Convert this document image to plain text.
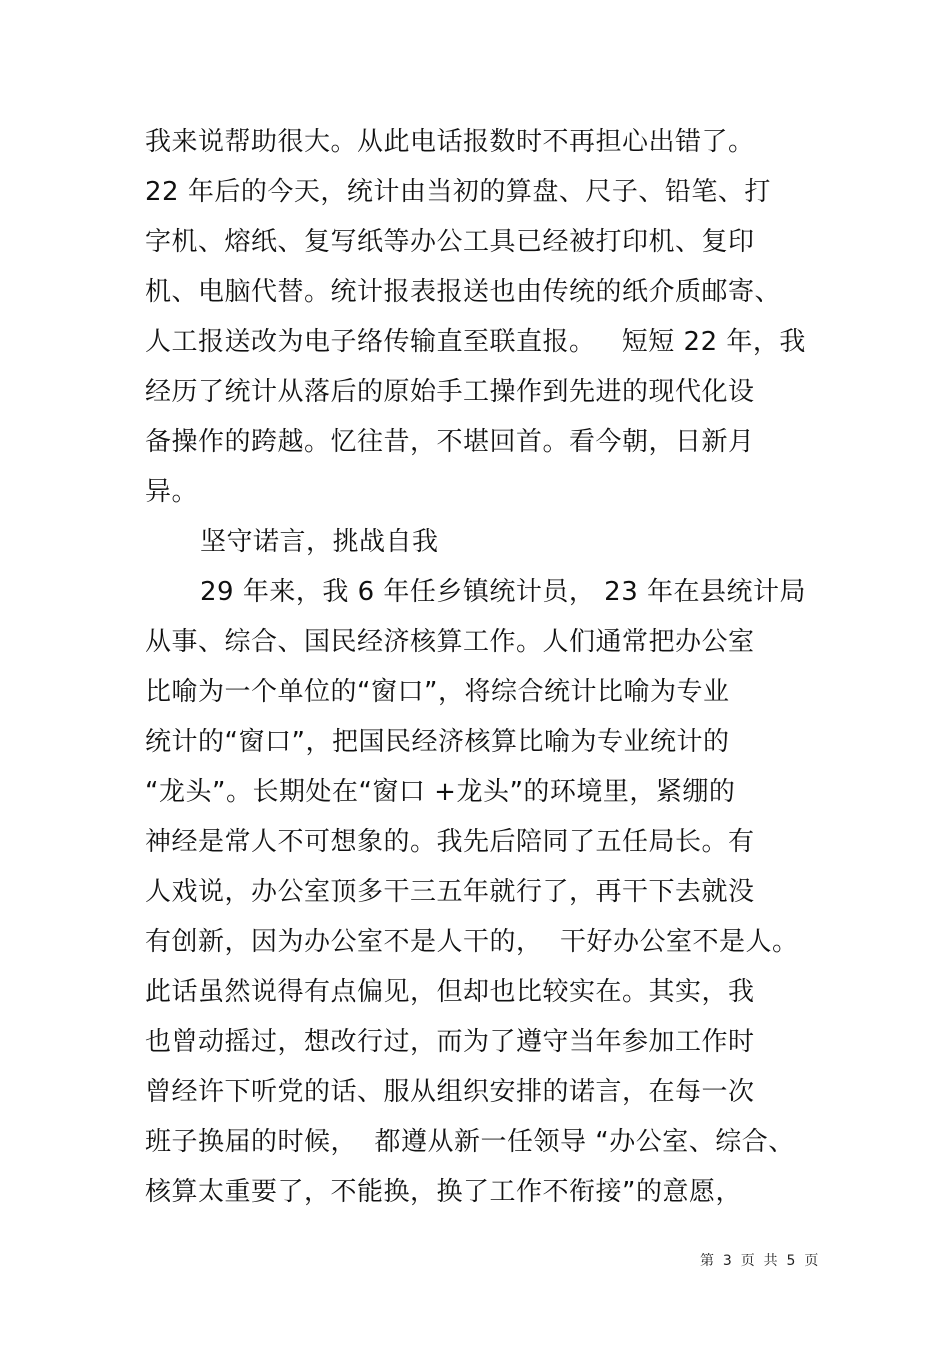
我来说帮助很大。从此电话报数时不再担心出错了。
22 年后的今天，统计由当初的算盘、尺子、铅笔、打
字机、熔纸、复写纸等办公工具已经被打印机、复印
机、电脑代替。统计报表报送也由传统的纸介质邮寄、
人工报送改为电子络传输直至联直报。   短短 22 年，我
经历了统计从落后的原始手工操作到先进的现代化设
备操作的跨越。忆往昔，不堪回首。看今朝，日新月
异。
坚守诺言，挑战自我
29 年来，我 6 年任乡镇统计员， 23 年在县统计局
从事、综合、国民经济核算工作。人们通常把办公室
比喻为一个单位的“窗口”，将综合统计比喻为专业
统计的“窗口”，把国民经济核算比喻为专业统计的
“龙头”。长期处在“窗口 +龙头”的环境里，紧绷的
神经是常人不可想象的。我先后陪同了五任局长。有
人戏说，办公室顶多干三五年就行了，再干下去就没
有创新，因为办公室不是人干的，  干好办公室不是人。
此话虽然说得有点偏见，但却也比较实在。其实，我
也曾动摇过，想改行过，而为了遵守当年参加工作时
曾经许下听党的话、服从组织安排的诺言，在每一次
班子换届的时候，  都遵从新一任领导 “办公室、综合、
核算太重要了，不能换，换了工作不衔接”的意愿，
第  3  页  共  5  页
